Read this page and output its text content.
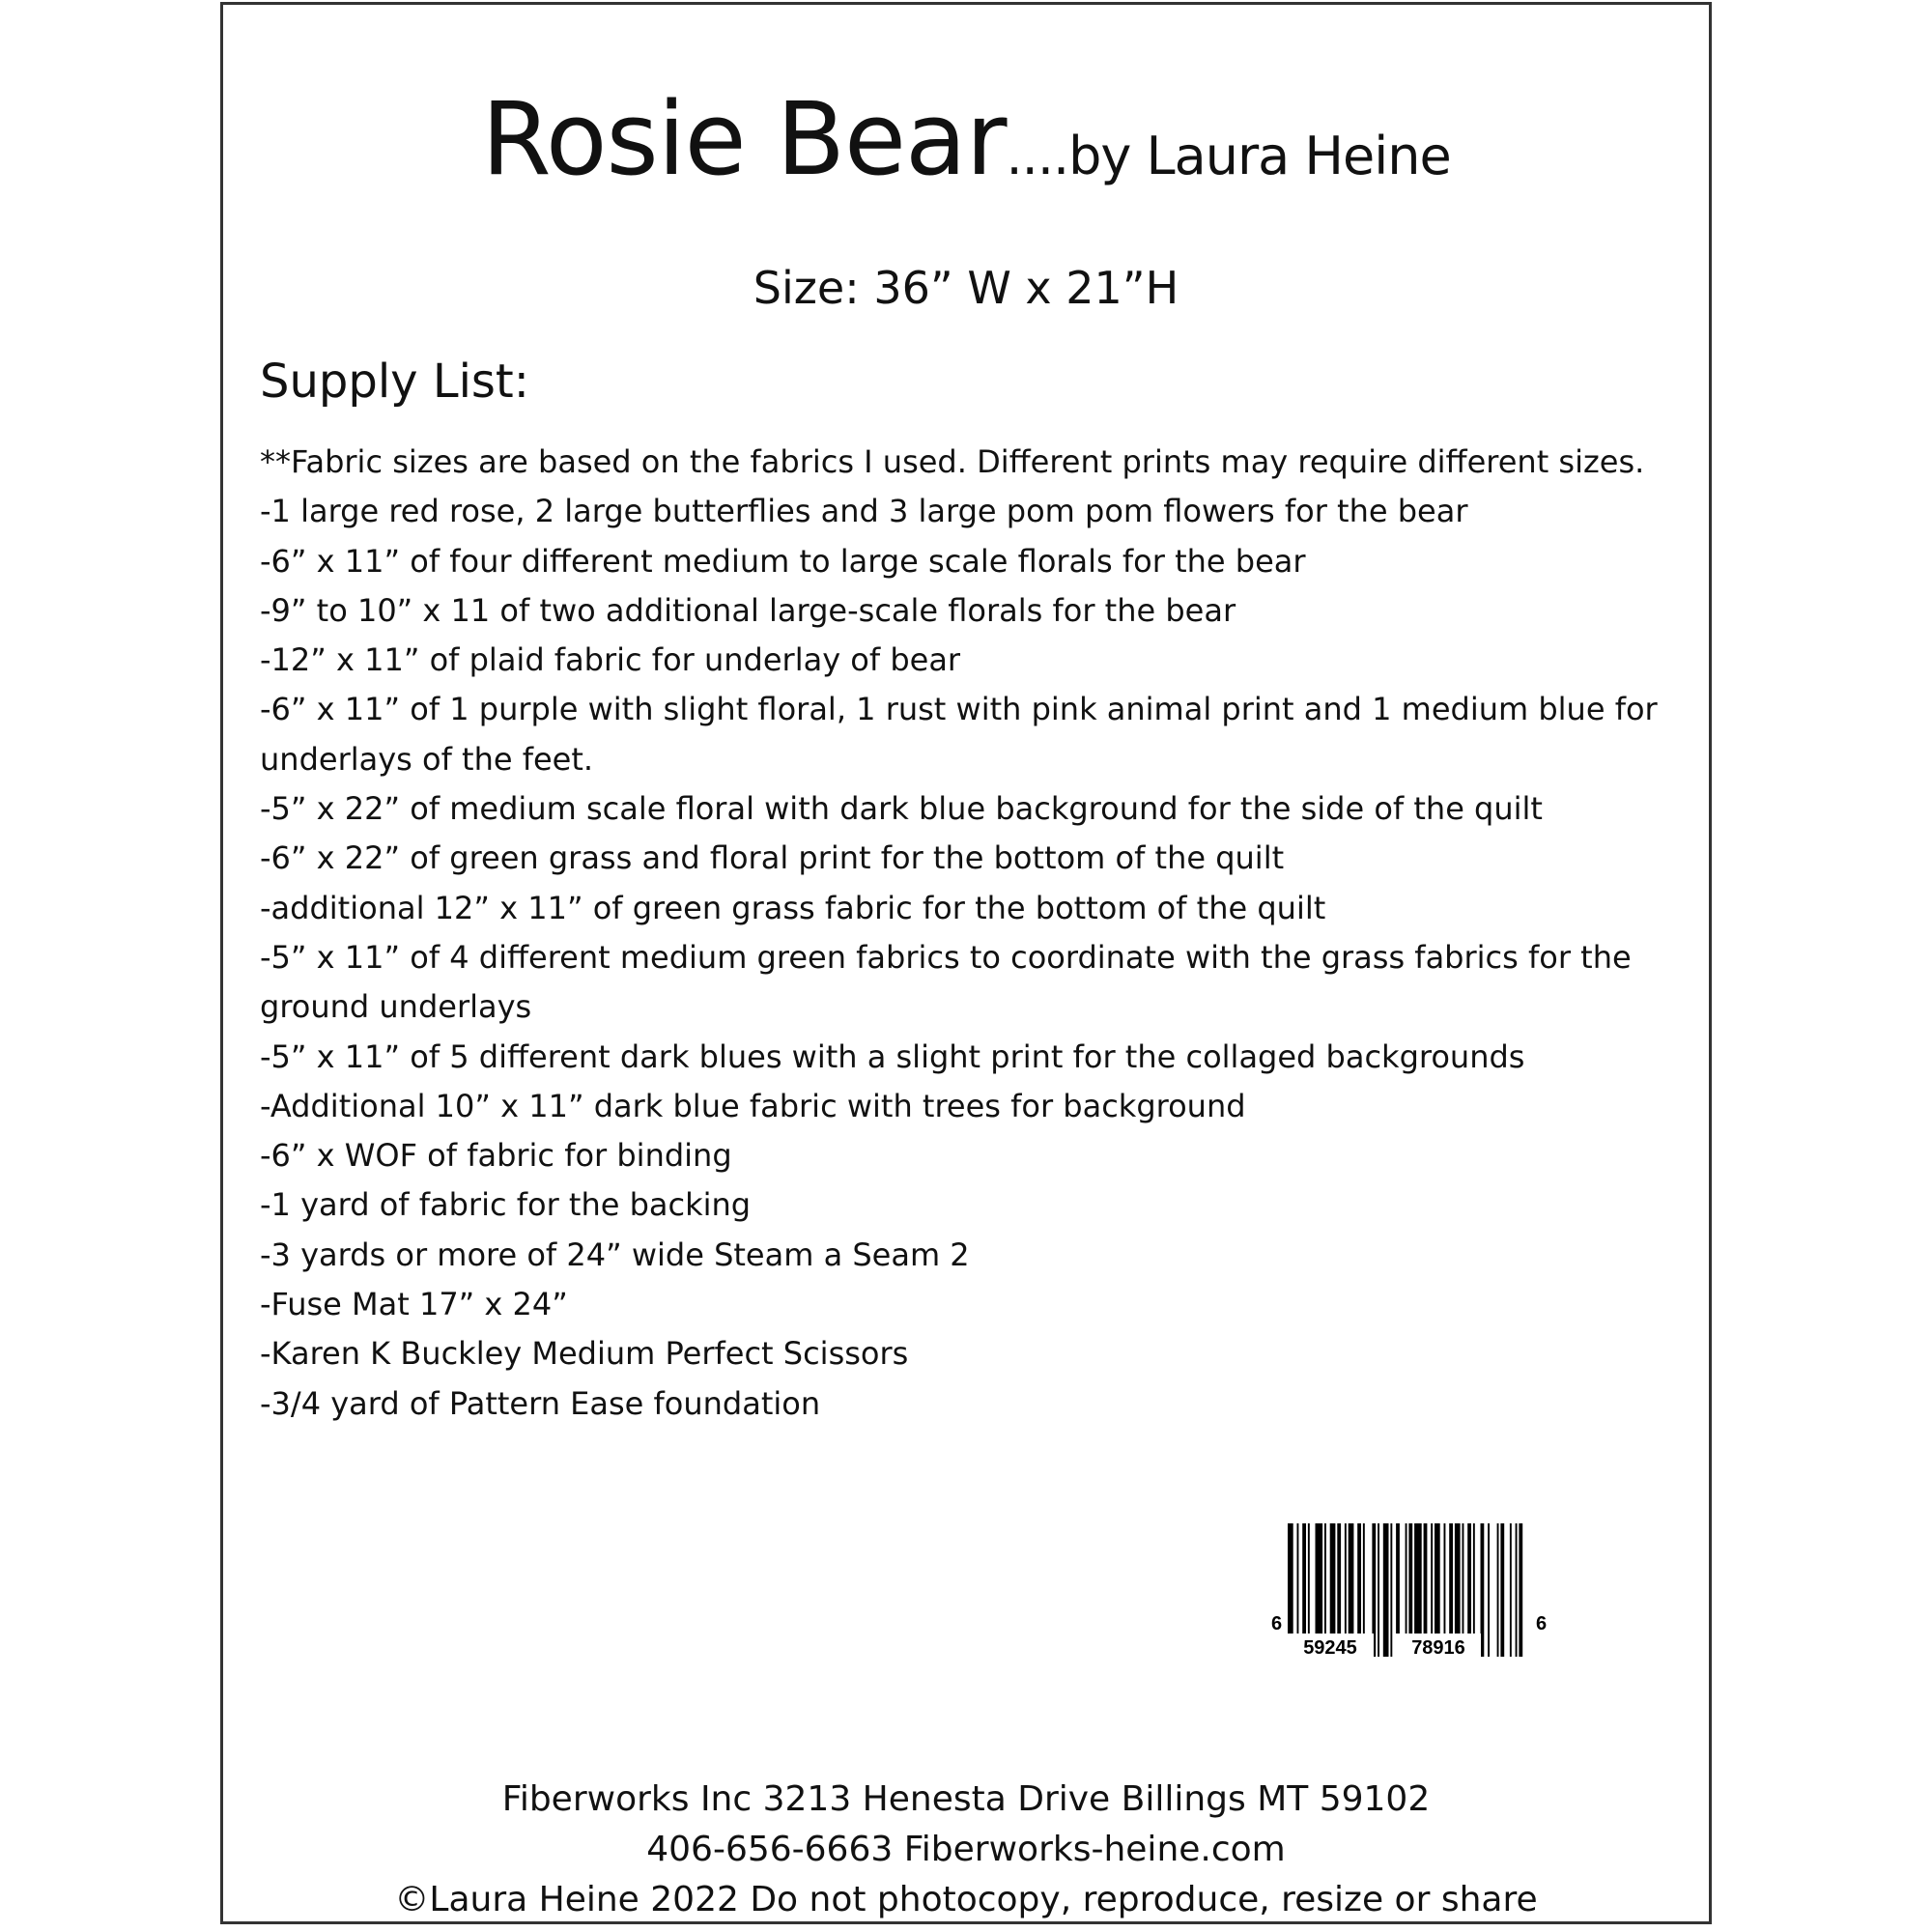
Rosie Bear....by Laura Heine
Size: 36” W x 21”H
Supply List:
**Fabric sizes are based on the fabrics I used. Different prints may require different sizes.
-1 large red rose, 2 large butterflies and 3 large pom pom flowers for the bear
-6” x 11” of four different medium to large scale florals for the bear
-9” to 10” x 11 of two additional large-scale florals for the bear
-12” x 11” of plaid fabric for underlay of bear
-6” x 11” of 1 purple with slight floral, 1 rust with pink animal print and 1 medium blue for underlays of the feet.
-5” x 22” of medium scale floral with dark blue background for the side of the quilt
-6” x 22” of green grass and floral print for the bottom of the quilt
-additional 12” x 11” of green grass fabric for the bottom of the quilt
-5” x 11” of 4 different medium green fabrics to coordinate with the grass fabrics for the ground underlays
-5” x 11” of 5 different dark blues with a slight print for the collaged backgrounds
-Additional 10” x 11” dark blue fabric with trees for background
-6” x WOF of fabric for binding
-1 yard of fabric for the backing
-3 yards or more of 24” wide Steam a Seam 2
-Fuse Mat 17” x 24”
-Karen K Buckley Medium Perfect Scissors
-3/4 yard of Pattern Ease foundation
6
59245	78916
6
Fiberworks Inc 3213 Henesta Drive Billings MT 59102
406-656-6663 Fiberworks-heine.com
©Laura Heine 2022 Do not photocopy, reproduce, resize or share
